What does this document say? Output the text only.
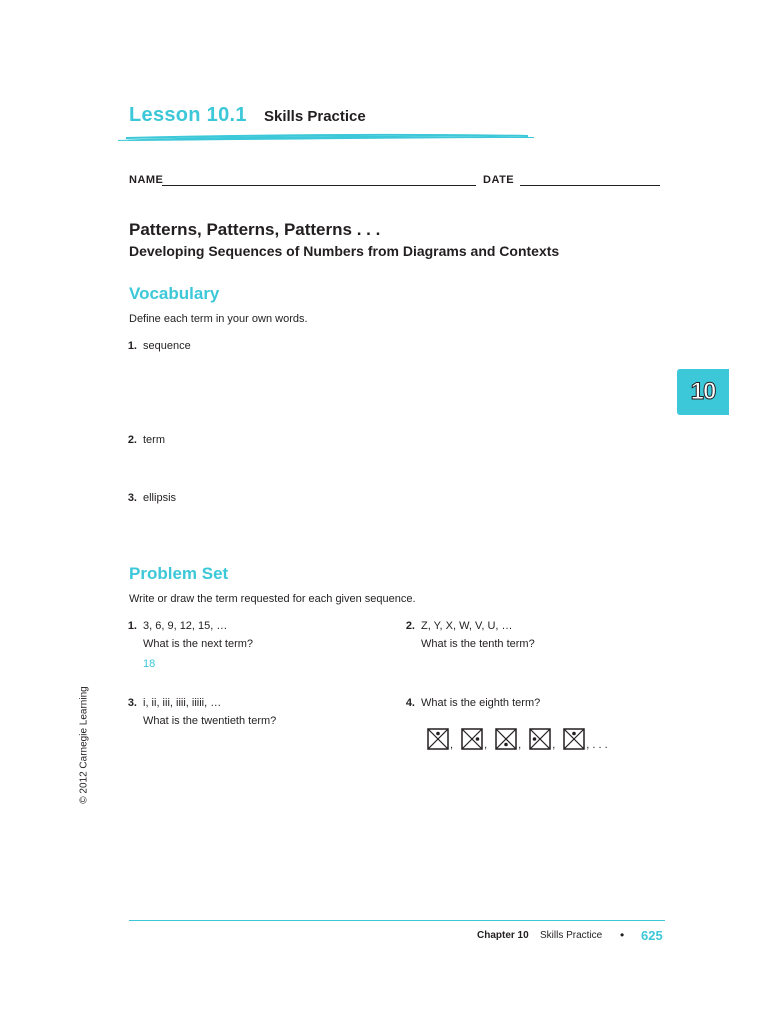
Lesson 10.1 Skills Practice
NAME	DATE
Patterns, Patterns, Patterns . . .
Developing Sequences of Numbers from Diagrams and Contexts
Vocabulary
Define each term in your own words.
1. sequence
2. term
3. ellipsis
10
Problem Set
Write or draw the term requested for each given sequence.
1. 3, 6, 9, 12, 15, …
What is the next term?
18
2. Z, Y, X, W, V, U, …
What is the tenth term?
3. i, ii, iii, iiii, iiiii, …
What is the twentieth term?
4. What is the eighth term?
,	,	,	,	, . . .
© 2012 Carnegie Learning
Chapter 10 Skills Practice • 625
